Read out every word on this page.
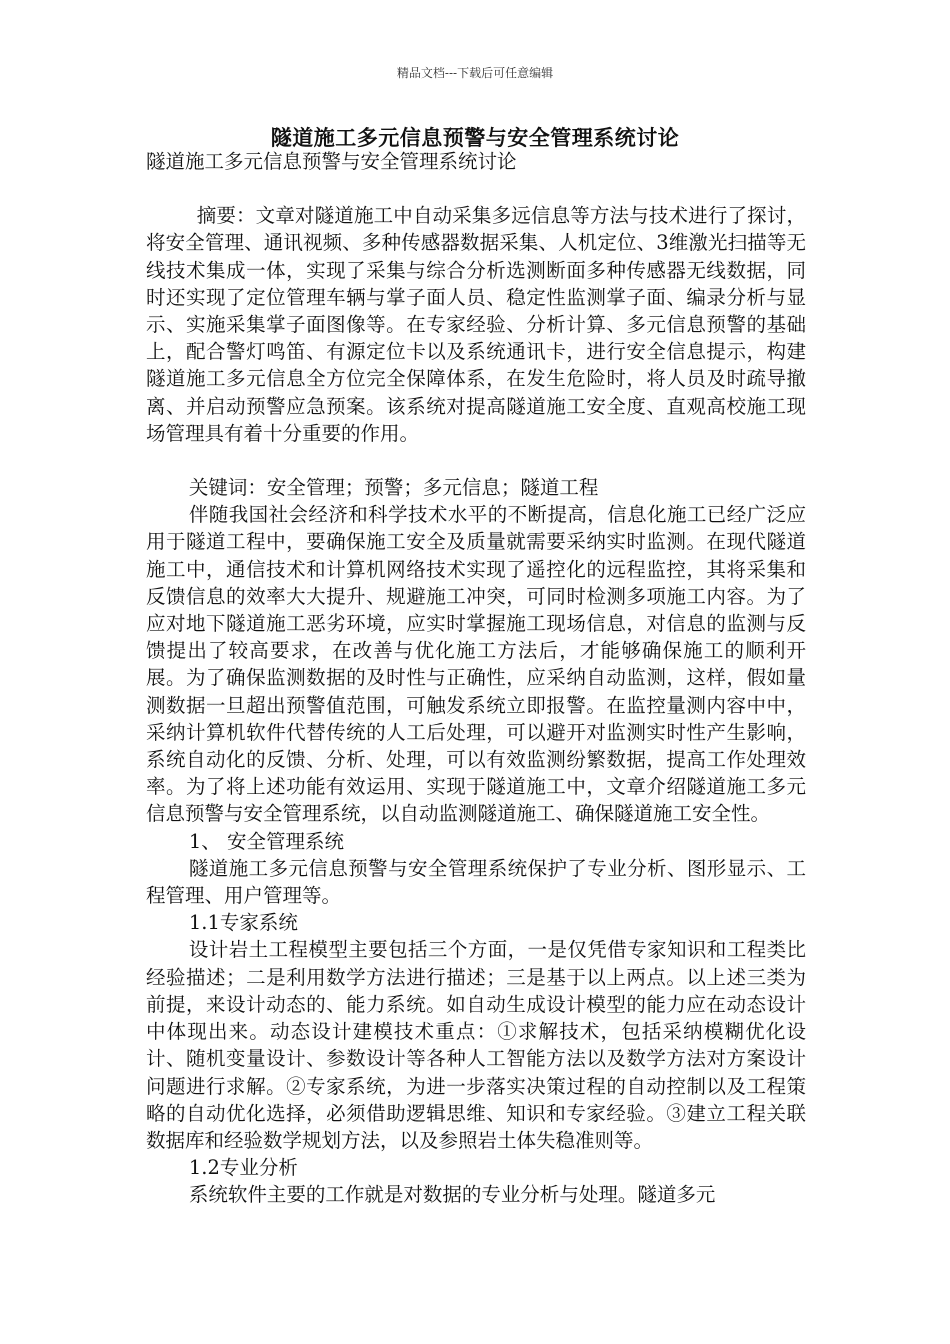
精品文档---下载后可任意编辑
隧道施工多元信息预警与安全管理系统讨论

隧道施工多元信息预警与安全管理系统讨论

摘要：文章对隧道施工中自动采集多远信息等方法与技术进行了探讨，将安全管理、通讯视频、多种传感器数据采集、人机定位、3维激光扫描等无线技术集成一体，实现了采集与综合分析选测断面多种传感器无线数据，同时还实现了定位管理车辆与掌子面人员、稳定性监测掌子面、编录分析与显示、实施采集掌子面图像等。在专家经验、分析计算、多元信息预警的基础上，配合警灯鸣笛、有源定位卡以及系统通讯卡，进行安全信息提示，构建隧道施工多元信息全方位完全保障体系，在发生危险时，将人员及时疏导撤离、并启动预警应急预案。该系统对提高隧道施工安全度、直观高校施工现场管理具有着十分重要的作用。

关键词：安全管理；预警；多元信息；隧道工程

伴随我国社会经济和科学技术水平的不断提高，信息化施工已经广泛应用于隧道工程中，要确保施工安全及质量就需要采纳实时监测。在现代隧道施工中，通信技术和计算机网络技术实现了遥控化的远程监控，其将采集和反馈信息的效率大大提升、规避施工冲突，可同时检测多项施工内容。为了应对地下隧道施工恶劣环境，应实时掌握施工现场信息，对信息的监测与反馈提出了较高要求，在改善与优化施工方法后，才能够确保施工的顺利开展。为了确保监测数据的及时性与正确性，应采纳自动监测，这样，假如量测数据一旦超出预警值范围，可触发系统立即报警。在监控量测内容中中，采纳计算机软件代替传统的人工后处理，可以避开对监测实时性产生影响，系统自动化的反馈、分析、处理，可以有效监测纷繁数据，提高工作处理效率。为了将上述功能有效运用、实现于隧道施工中，文章介绍隧道施工多元信息预警与安全管理系统，以自动监测隧道施工、确保隧道施工安全性。

1、 安全管理系统

隧道施工多元信息预警与安全管理系统保护了专业分析、图形显示、工程管理、用户管理等。

1.1专家系统

设计岩土工程模型主要包括三个方面，一是仅凭借专家知识和工程类比经验描述；二是利用数学方法进行描述；三是基于以上两点。以上述三类为前提，来设计动态的、能力系统。如自动生成设计模型的能力应在动态设计中体现出来。动态设计建模技术重点：①求解技术，包括采纳模糊优化设计、随机变量设计、参数设计等各种人工智能方法以及数学方法对方案设计问题进行求解。②专家系统，为进一步落实决策过程的自动控制以及工程策略的自动优化选择，必须借助逻辑思维、知识和专家经验。③建立工程关联数据库和经验数学规划方法，以及参照岩土体失稳准则等。

1.2专业分析

系统软件主要的工作就是对数据的专业分析与处理。隧道多元
